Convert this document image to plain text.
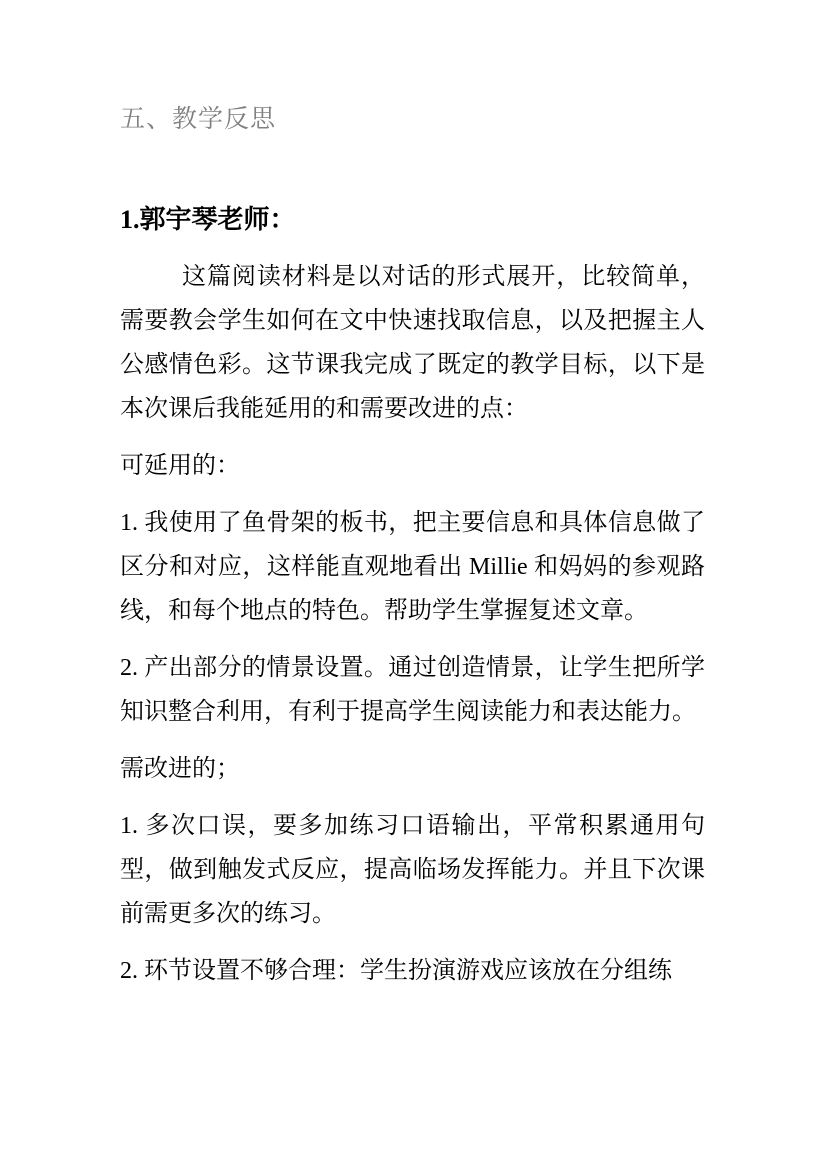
五、教学反思
1.郭宇琴老师：

这篇阅读材料是以对话的形式展开，比较简单，需要教会学生如何在文中快速找取信息，以及把握主人公感情色彩。这节课我完成了既定的教学目标，以下是本次课后我能延用的和需要改进的点：

可延用的：

1. 我使用了鱼骨架的板书，把主要信息和具体信息做了区分和对应，这样能直观地看出 Millie 和妈妈的参观路线，和每个地点的特色。帮助学生掌握复述文章。

2. 产出部分的情景设置。通过创造情景，让学生把所学知识整合利用，有利于提高学生阅读能力和表达能力。

需改进的；

1. 多次口误，要多加练习口语输出，平常积累通用句型，做到触发式反应，提高临场发挥能力。并且下次课前需更多次的练习。

2. 环节设置不够合理：学生扮演游戏应该放在分组练
